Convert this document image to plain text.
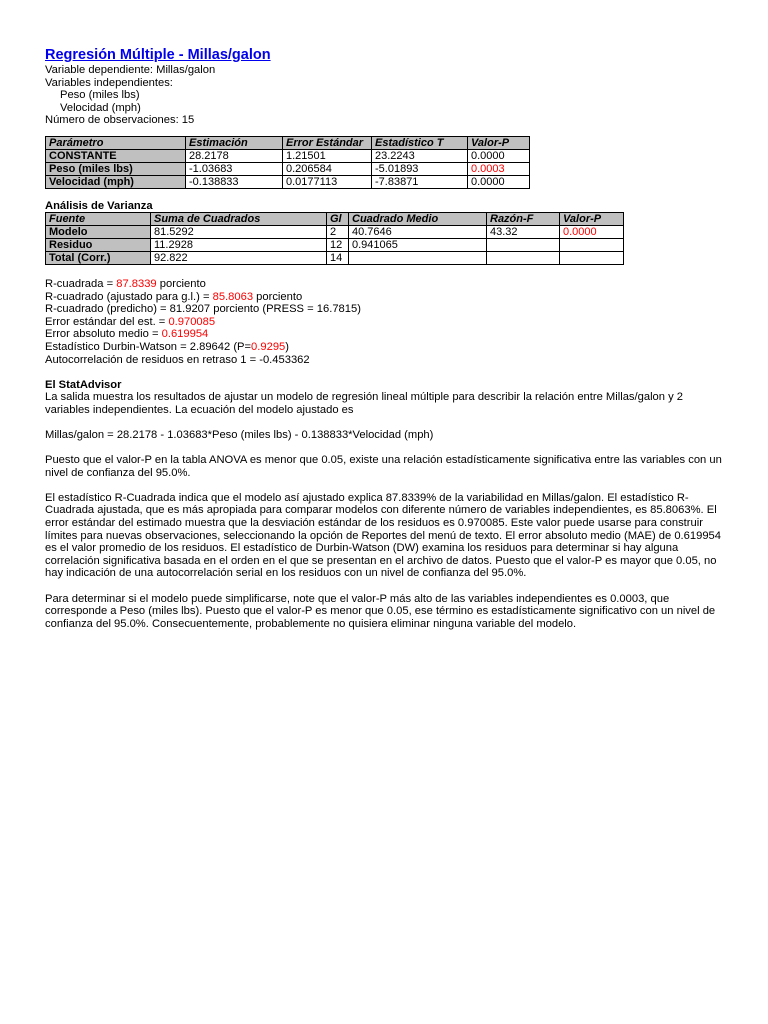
Regresión Múltiple - Millas/galon
Variable dependiente: Millas/galon
Variables independientes:
Peso (miles lbs)
Velocidad (mph)
Número de observaciones: 15
Parámetro	Estimación	Error Estándar	Estadístico T	Valor-P
CONSTANTE	28.2178	1.21501	23.2243	0.0000
Peso (miles lbs)	-1.03683	0.206584	-5.01893	0.0003
Velocidad (mph)	-0.138833	0.0177113	-7.83871	0.0000
Análisis de Varianza
Fuente	Suma de Cuadrados	Gl	Cuadrado Medio	Razón-F	Valor-P
Modelo	81.5292	2	40.7646	43.32	0.0000
Residuo	11.2928	12	0.941065		
Total (Corr.)	92.822	14			
R-cuadrada = 87.8339 porciento
R-cuadrado (ajustado para g.l.) = 85.8063 porciento
R-cuadrado (predicho) = 81.9207 porciento (PRESS = 16.7815)
Error estándar del est. = 0.970085
Error absoluto medio = 0.619954
Estadístico Durbin-Watson = 2.89642 (P=0.9295)
Autocorrelación de residuos en retraso 1 = -0.453362
El StatAdvisor

La salida muestra los resultados de ajustar un modelo de regresión lineal múltiple para describir la relación entre Millas/galon y 2 variables independientes. La ecuación del modelo ajustado es

Millas/galon = 28.2178 - 1.03683*Peso (miles lbs) - 0.138833*Velocidad (mph)

Puesto que el valor-P en la tabla ANOVA es menor que 0.05, existe una relación estadísticamente significativa entre las variables con un nivel de confianza del 95.0%.

El estadístico R-Cuadrada indica que el modelo así ajustado explica 87.8339% de la variabilidad en Millas/galon. El estadístico R-Cuadrada ajustada, que es más apropiada para comparar modelos con diferente número de variables independientes, es 85.8063%. El error estándar del estimado muestra que la desviación estándar de los residuos es 0.970085. Este valor puede usarse para construir límites para nuevas observaciones, seleccionando la opción de Reportes del menú de texto. El error absoluto medio (MAE) de 0.619954 es el valor promedio de los residuos. El estadístico de Durbin-Watson (DW) examina los residuos para determinar si hay alguna correlación significativa basada en el orden en el que se presentan en el archivo de datos. Puesto que el valor-P es mayor que 0.05, no hay indicación de una autocorrelación serial en los residuos con un nivel de confianza del 95.0%.

Para determinar si el modelo puede simplificarse, note que el valor-P más alto de las variables independientes es 0.0003, que corresponde a Peso (miles lbs). Puesto que el valor-P es menor que 0.05, ese término es estadísticamente significativo con un nivel de confianza del 95.0%. Consecuentemente, probablemente no quisiera eliminar ninguna variable del modelo.
